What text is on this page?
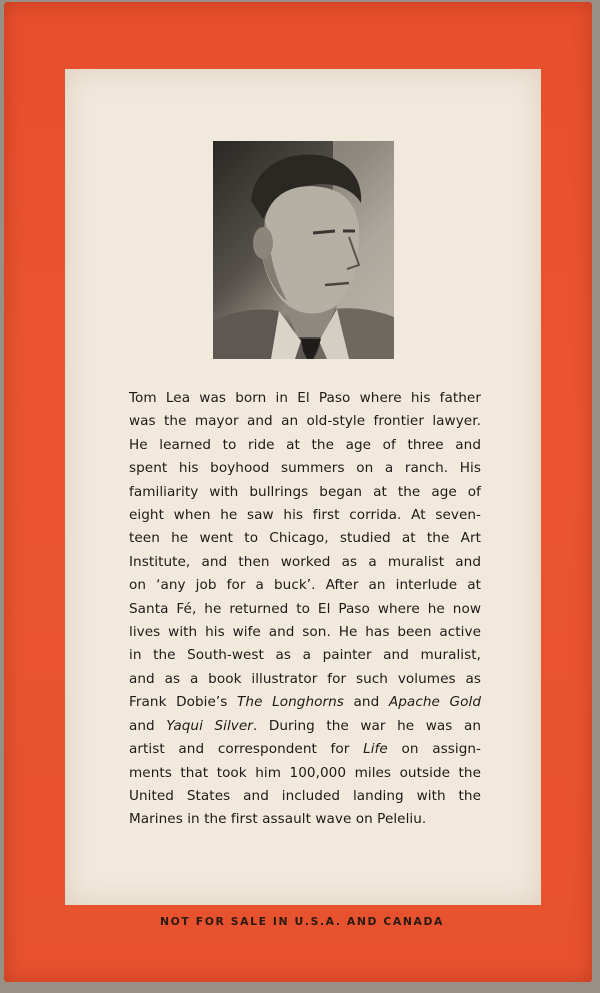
Tom Lea was born in El Paso where his father
was the mayor and an old-style frontier lawyer.
He learned to ride at the age of three and
spent his boyhood summers on a ranch. His
familiarity with bullrings began at the age of
eight when he saw his first corrida. At seven-
teen he went to Chicago, studied at the Art
Institute, and then worked as a muralist and
on ‘any job for a buck’. After an interlude at
Santa Fé, he returned to El Paso where he now
lives with his wife and son. He has been active
in the South-west as a painter and muralist,
and as a book illustrator for such volumes as
Frank Dobie’s The Longhorns and Apache Gold
and Yaqui Silver. During the war he was an
artist and correspondent for Life on assign-
ments that took him 100,000 miles outside the
United States and included landing with the
Marines in the first assault wave on Peleliu.
NOT FOR SALE IN U.S.A. AND CANADA
